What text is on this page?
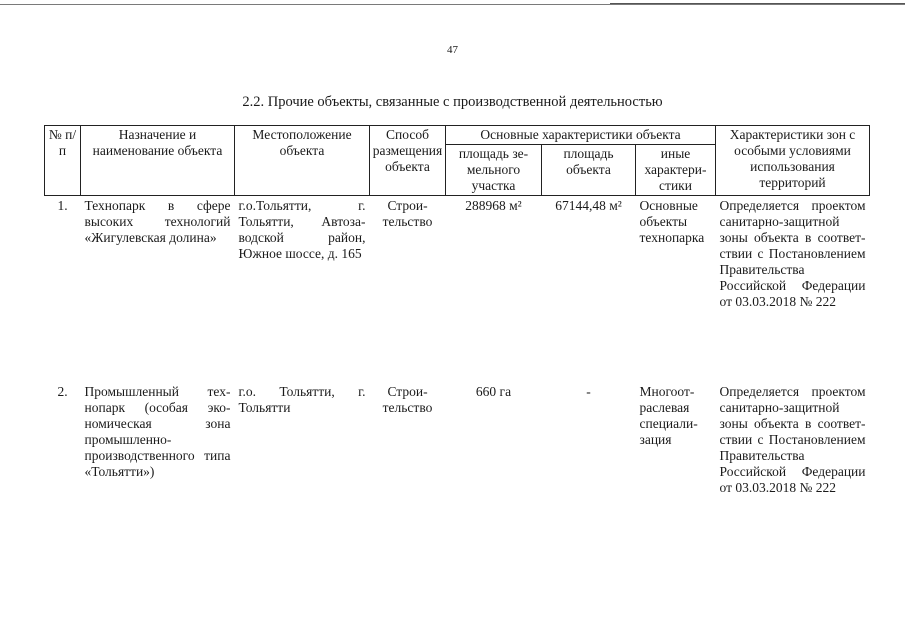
47
2.2. Прочие объекты, связанные с производственной деятельностью
№ п/п	Назначение и наименование объекта	Местоположение объекта	Способ размещения объекта	Основные характеристики объекта			Характеристики зон с особыми условиями использования территорий
				площадь земельного участка	площадь объекта	иные характеристики	
1.	Технопарк в сфере высоких технологий «Жигулевская долина»	г.о.Тольятти, г. Тольятти, Автозаводской район, Южное шоссе, д. 165	Строительство	288968 м²	67144,48 м²	Основные объекты технопарка	Определяется проектом санитарно-защитной зоны объекта в соответствии с Постановлением Правительства Российской Федерации от 03.03.2018 № 222
2.	Промышленный технопарк (особая экономическая зона промышленно-производственного типа «Тольятти»)	г.о. Тольятти, г. Тольятти	Строительство	660 га	-	Многоотраслевая специализация	Определяется проектом санитарно-защитной зоны объекта в соответствии с Постановлением Правительства Российской Федерации от 03.03.2018 № 222
